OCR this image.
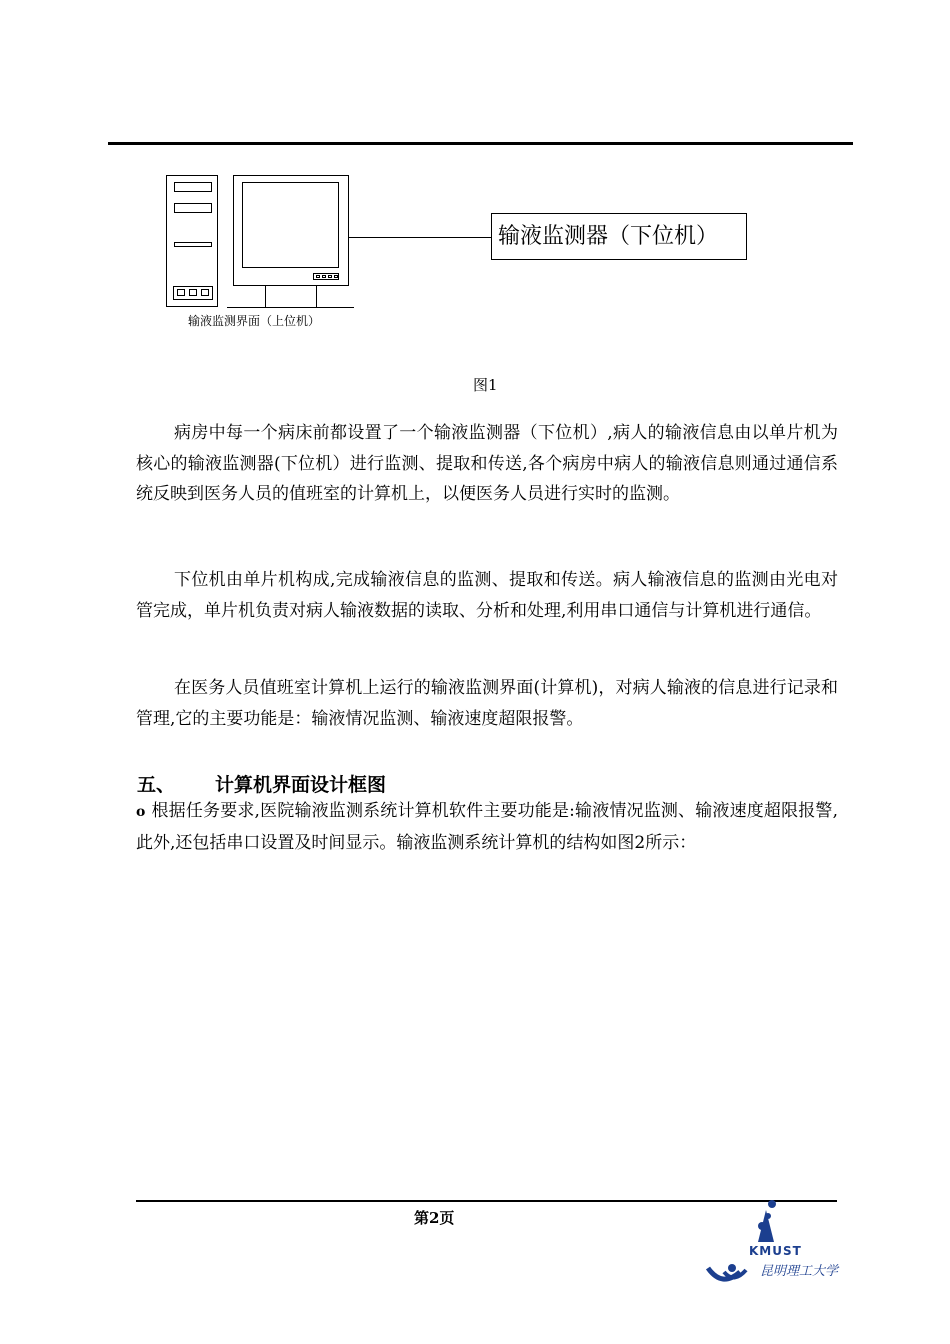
输液监测器（下位机）
输液监测界面（上位机）
图1

病房中每一个病床前都设置了一个输液监测器（下位机）,病人的输液信息由以单片机为核心的输液监测器(下位机）进行监测、提取和传送,各个病房中病人的输液信息则通过通信系统反映到医务人员的值班室的计算机上，以便医务人员进行实时的监测。

下位机由单片机构成,完成输液信息的监测、提取和传送。病人输液信息的监测由光电对管完成，单片机负责对病人输液数据的读取、分析和处理,利用串口通信与计算机进行通信。

在医务人员值班室计算机上运行的输液监测界面(计算机)，对病人输液的信息进行记录和管理,它的主要功能是：输液情况监测、输液速度超限报警。

五、 计算机界面设计框图

o 根据任务要求,医院输液监测系统计算机软件主要功能是:输液情况监测、输液速度超限报警,此外,还包括串口设置及时间显示。输液监测系统计算机的结构如图2所示：

第2页
KMUST
昆明理工大学
